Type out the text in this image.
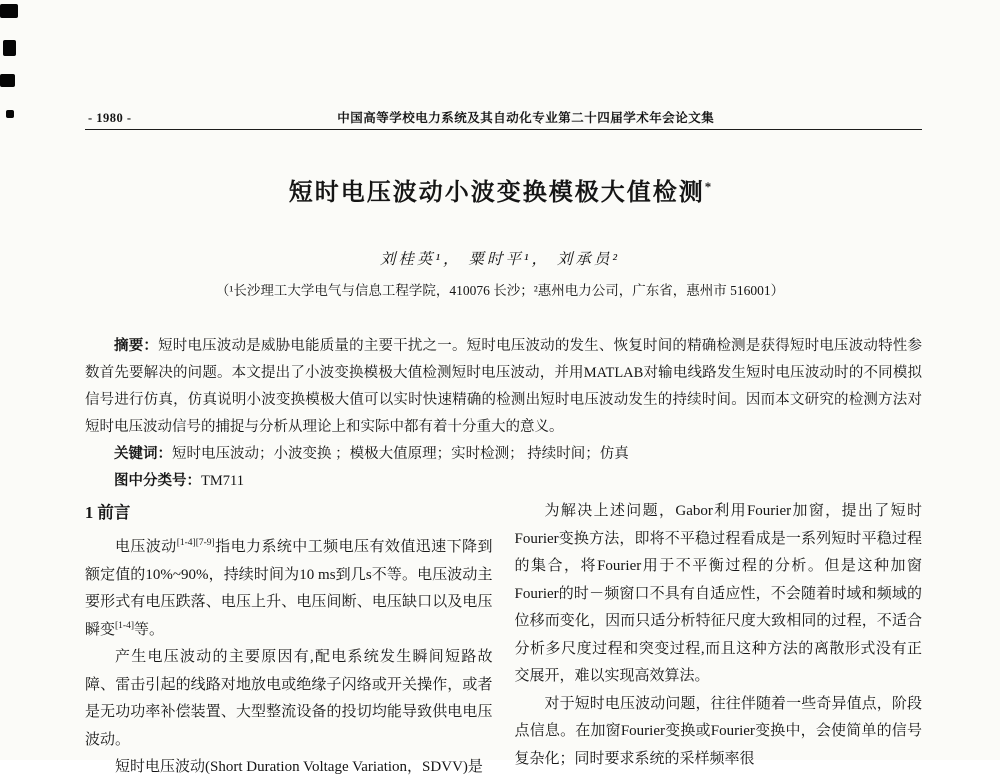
- 1980 -	中国高等学校电力系统及其自动化专业第二十四届学术年会论文集
短时电压波动小波变换模极大值检测*
刘桂英¹， 粟时平¹， 刘承员²
（¹长沙理工大学电气与信息工程学院，410076 长沙；²惠州电力公司，广东省，惠州市 516001）

摘要：短时电压波动是威胁电能质量的主要干扰之一。短时电压波动的发生、恢复时间的精确检测是获得短时电压波动特性参数首先要解决的问题。本文提出了小波变换模极大值检测短时电压波动，并用MATLAB对输电线路发生短时电压波动时的不同模拟信号进行仿真，仿真说明小波变换模极大值可以实时快速精确的检测出短时电压波动发生的持续时间。因而本文研究的检测方法对短时电压波动信号的捕捉与分析从理论上和实际中都有着十分重大的意义。

关键词：短时电压波动；小波变换 ；模极大值原理；实时检测； 持续时间；仿真

图中分类号：TM711

1 前言

电压波动[1-4][7-9]指电力系统中工频电压有效值迅速下降到额定值的10%~90%，持续时间为10 ms到几s不等。电压波动主要形式有电压跌落、电压上升、电压间断、电压缺口以及电压瞬变[1-4]等。

产生电压波动的主要原因有,配电系统发生瞬间短路故障、雷击引起的线路对地放电或绝缘子闪络或开关操作，或者是无功功率补偿装置、大型整流设备的投切均能导致供电电压波动。

短时电压波动(Short Duration Voltage Variation，SDVV)是

为解决上述问题，Gabor利用Fourier加窗，提出了短时Fourier变换方法，即将不平稳过程看成是一系列短时平稳过程的集合，将Fourier用于不平衡过程的分析。但是这种加窗Fourier的时－频窗口不具有自适应性，不会随着时域和频域的位移而变化，因而只适分析特征尺度大致相同的过程，不适合分析多尺度过程和突变过程,而且这种方法的离散形式没有正交展开，难以实现高效算法。

对于短时电压波动问题，往往伴随着一些奇异值点，阶段点信息。在加窗Fourier变换或Fourier变换中，会使简单的信号复杂化；同时要求系统的采样频率很
